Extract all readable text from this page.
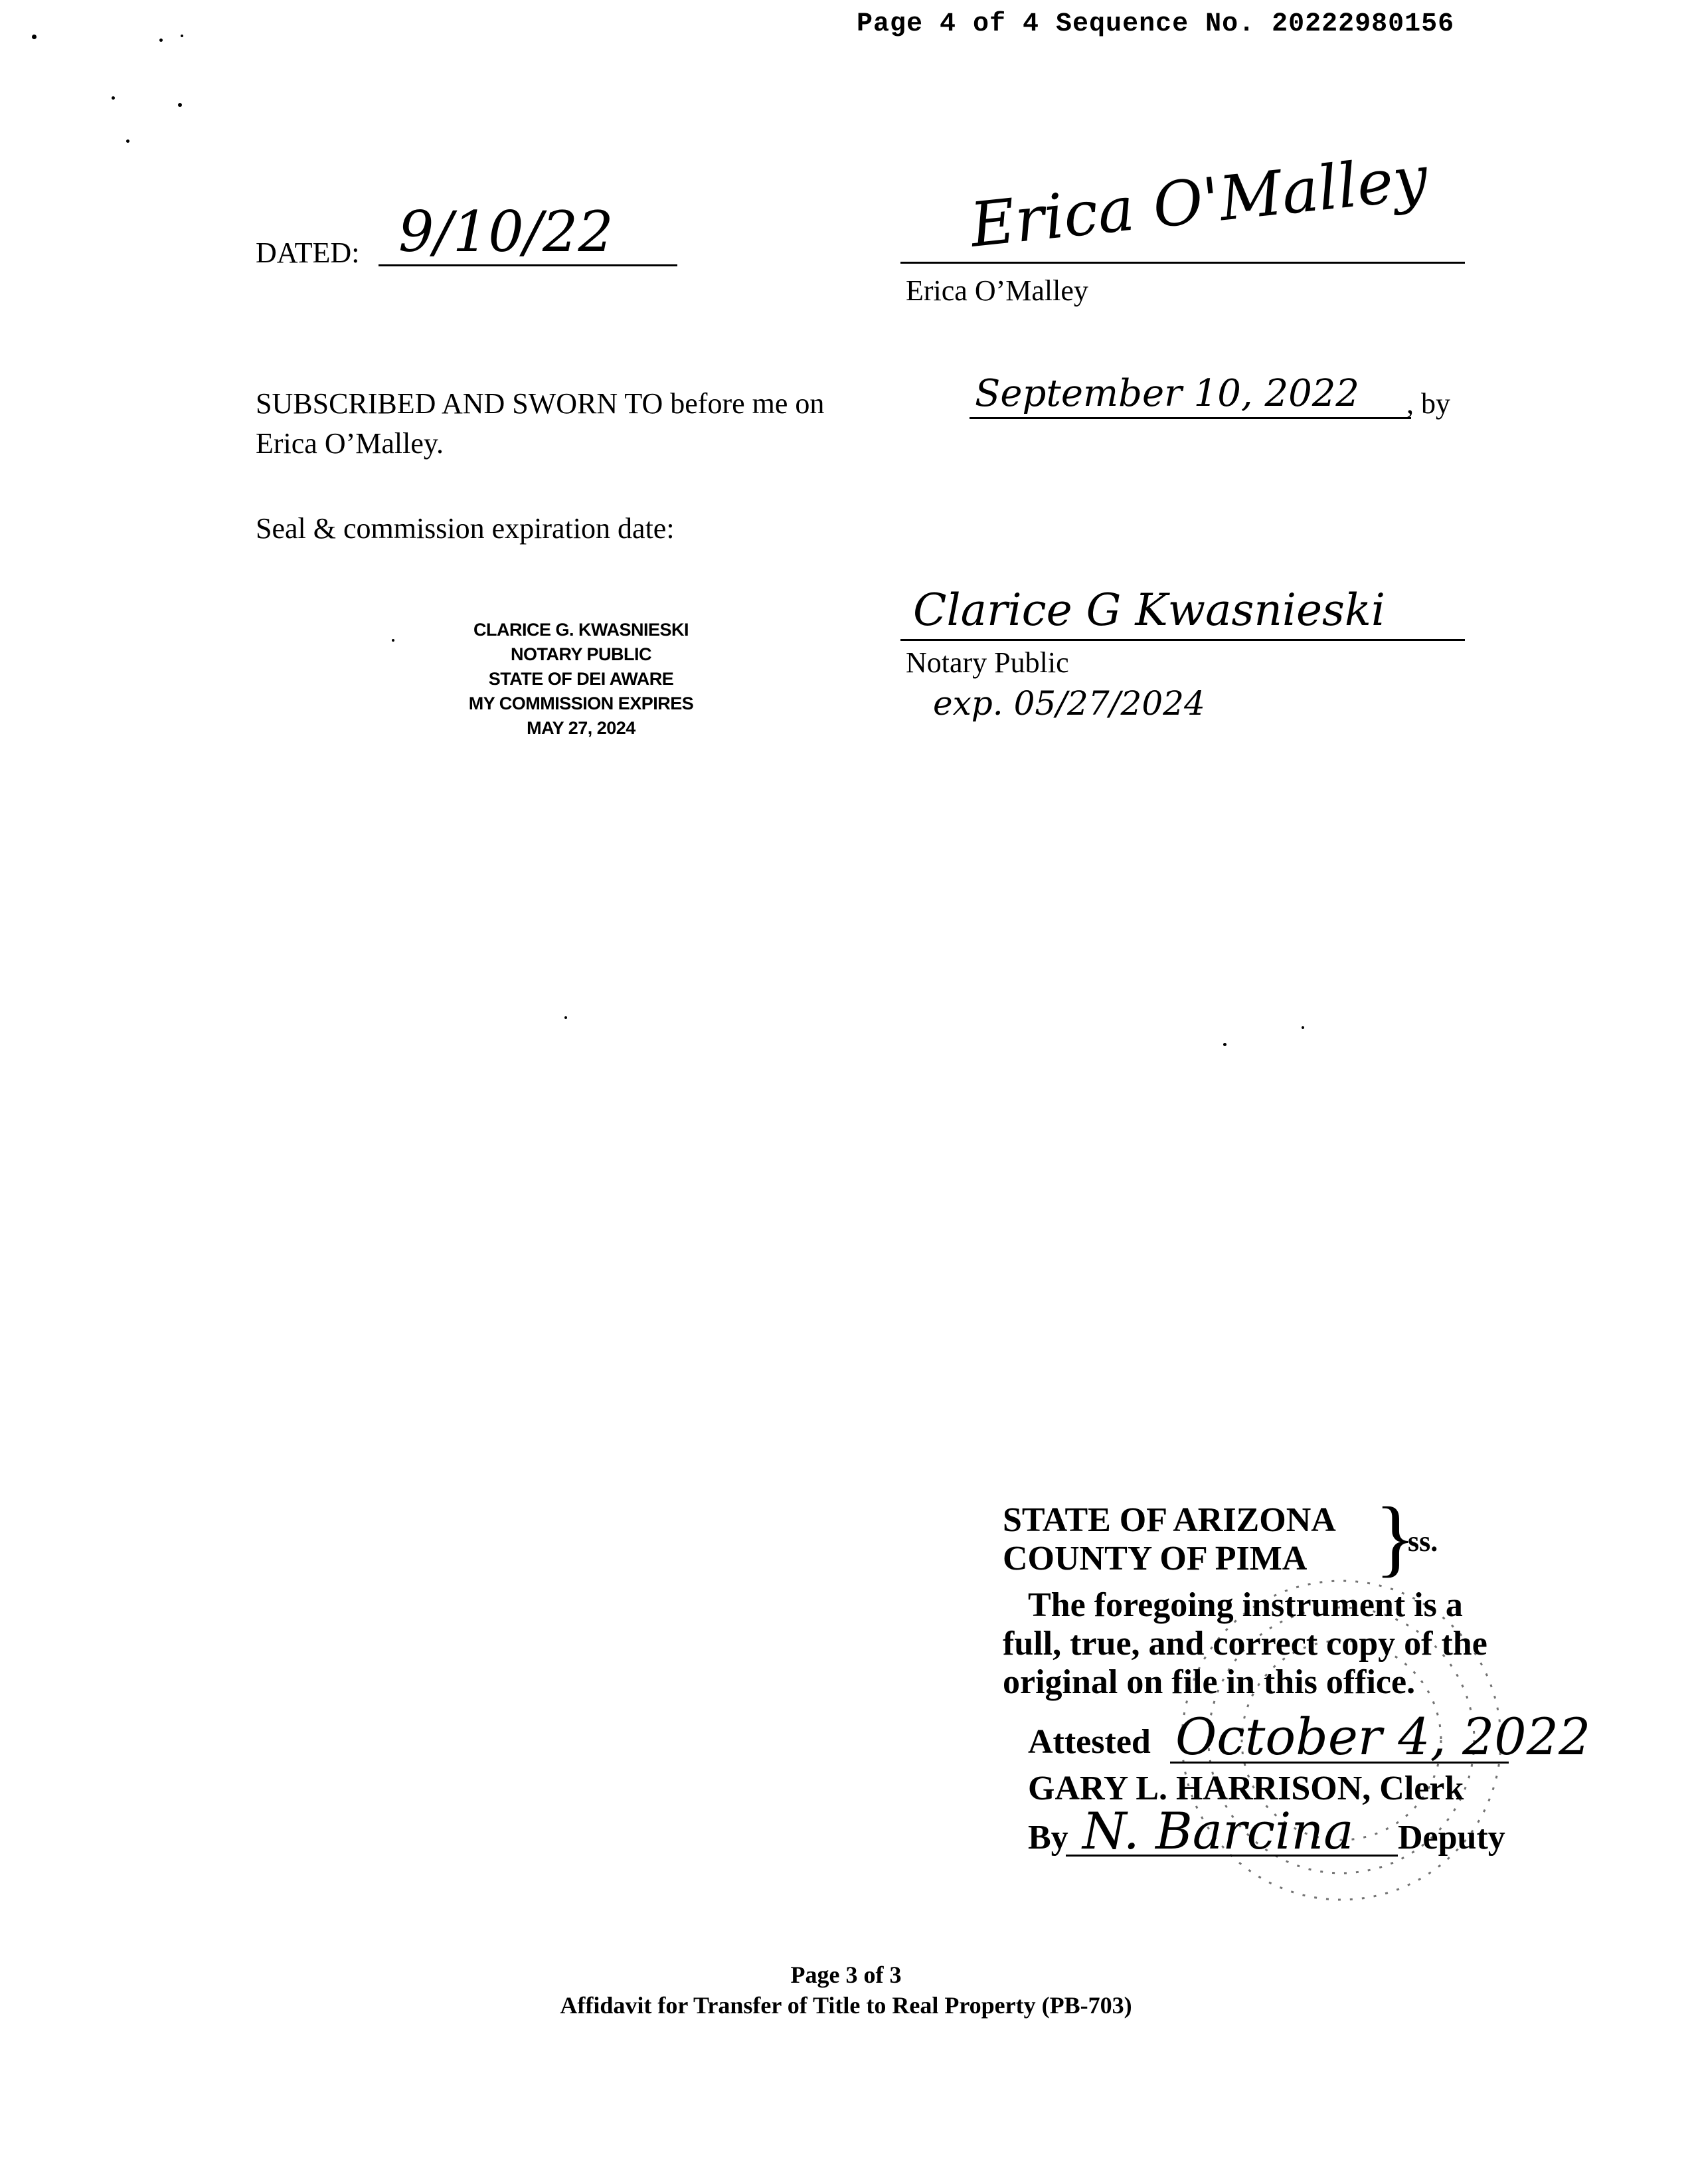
Page 4 of 4 Sequence No. 20222980156
DATED: 9/10/22	Erica O'Malley
Erica O’Malley
SUBSCRIBED AND SWORN TO before me on	September 10, 2022 , by
Erica O’Malley.
Seal & commission expiration date:
CLARICE G. KWASNIESKI
NOTARY PUBLIC
STATE OF DEI AWARE
MY COMMISSION EXPIRES
MAY 27, 2024
Clarice G Kwasnieski
Notary Public
exp. 05/27/2024
STATE OF ARIZONA
COUNTY OF PIMA }
ss.
The foregoing instrument is a
full, true, and correct copy of the
original on file in this office.
Attested October 4, 2022
GARY L. HARRISON, Clerk
By N. Barcina Deputy
Page 3 of 3
Affidavit for Transfer of Title to Real Property (PB-703)
